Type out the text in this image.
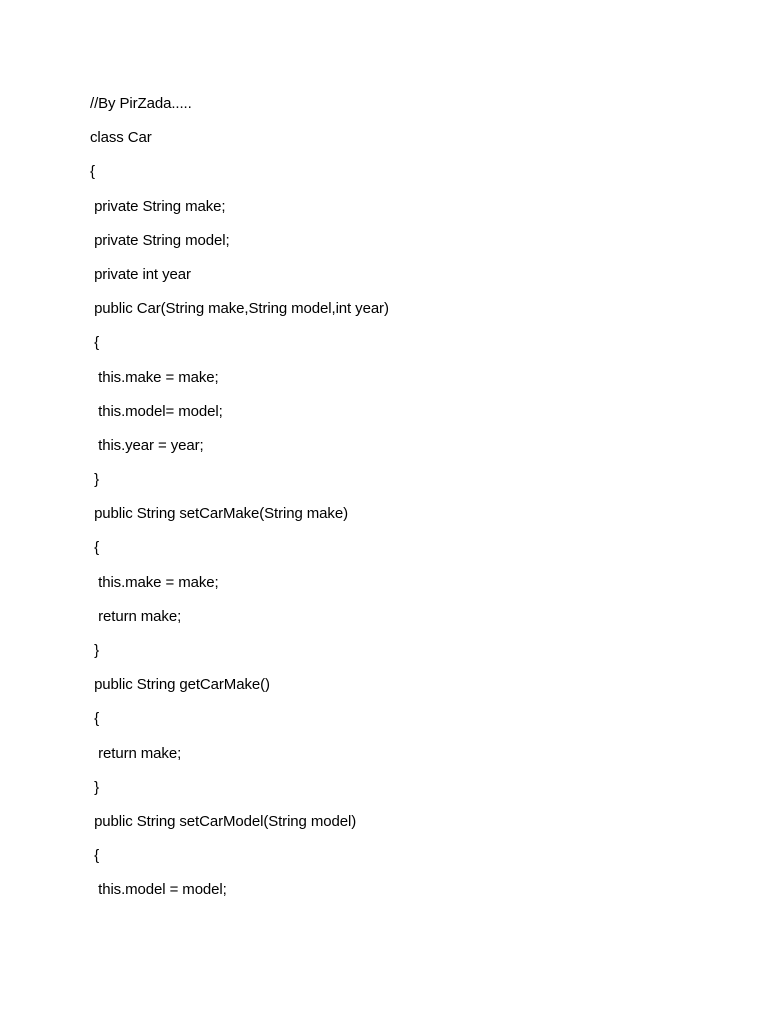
//By PirZada.....
class Car
{
private String make;
private String model;
private int year
public Car(String make,String model,int year)
{
this.make = make;
this.model= model;
this.year = year;
}
public String setCarMake(String make)
{
this.make = make;
return make;
}
public String getCarMake()
{
return make;
}
public String setCarModel(String model)
{
this.model = model;
